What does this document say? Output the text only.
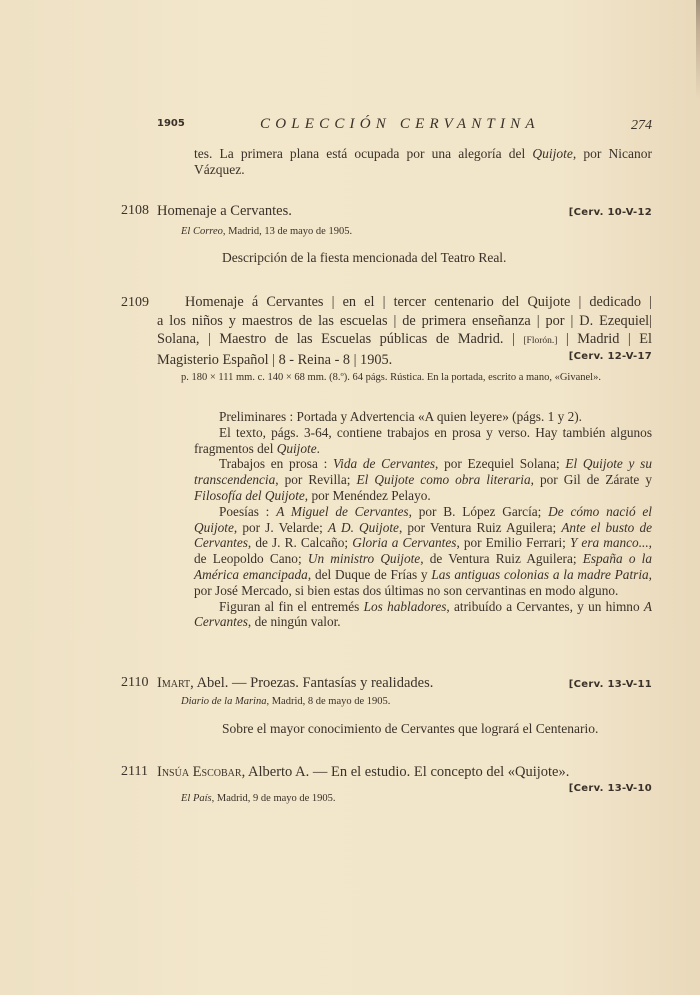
1905	COLECCIÓN CERVANTINA	274
tes. La primera plana está ocupada por una alegoría del Quijote, por Nicanor Vázquez.
2108 Homenaje a Cervantes.	[Cerv. 10-V-12
El Correo, Madrid, 13 de mayo de 1905.
Descripción de la fiesta mencionada del Teatro Real.
2109	Homenaje á Cervantes | en el | tercer centenario del Quijote | dedicado |
a los niños y maestros de las escuelas | de primera enseñanza | por | D. Ezequiel|
Solana, | Maestro de las Escuelas públicas de Madrid. | [Florón.] | Madrid | El
Magisterio Español | 8 - Reina - 8 | 1905.	[Cerv. 12-V-17
p. 180 × 111 mm. c. 140 × 68 mm. (8.º). 64 págs. Rústica. En la portada, escrito a mano, «Givanel».

Preliminares : Portada y Advertencia «A quien leyere» (págs. 1 y 2).

El texto, págs. 3-64, contiene trabajos en prosa y verso. Hay también algunos fragmentos del Quijote.

Trabajos en prosa : Vida de Cervantes, por Ezequiel Solana; El Quijote y su transcendencia, por Revilla; El Quijote como obra literaria, por Gil de Zárate y Filosofía del Quijote, por Menéndez Pelayo.

Poesías : A Miguel de Cervantes, por B. López García; De cómo nació el Quijote, por J. Velarde; A D. Quijote, por Ventura Ruiz Aguilera; Ante el busto de Cervantes, de J. R. Calcaño; Gloria a Cervantes, por Emilio Ferrari; Y era manco..., de Leopoldo Cano; Un ministro Quijote, de Ventura Ruiz Aguilera; España o la América emancipada, del Duque de Frías y Las antiguas colonias a la madre Patria, por José Mercado, si bien estas dos últimas no son cervantinas en modo alguno.

Figuran al fin el entremés Los habladores, atribuído a Cervantes, y un himno A Cervantes, de ningún valor.

2110 Imart, Abel. — Proezas. Fantasías y realidades.	[Cerv. 13-V-11
Diario de la Marina, Madrid, 8 de mayo de 1905.
Sobre el mayor conocimiento de Cervantes que logrará el Centenario.
2111 Insúa Escobar, Alberto A. — En el estudio. El concepto del «Quijote».
[Cerv. 13-V-10
El País, Madrid, 9 de mayo de 1905.
